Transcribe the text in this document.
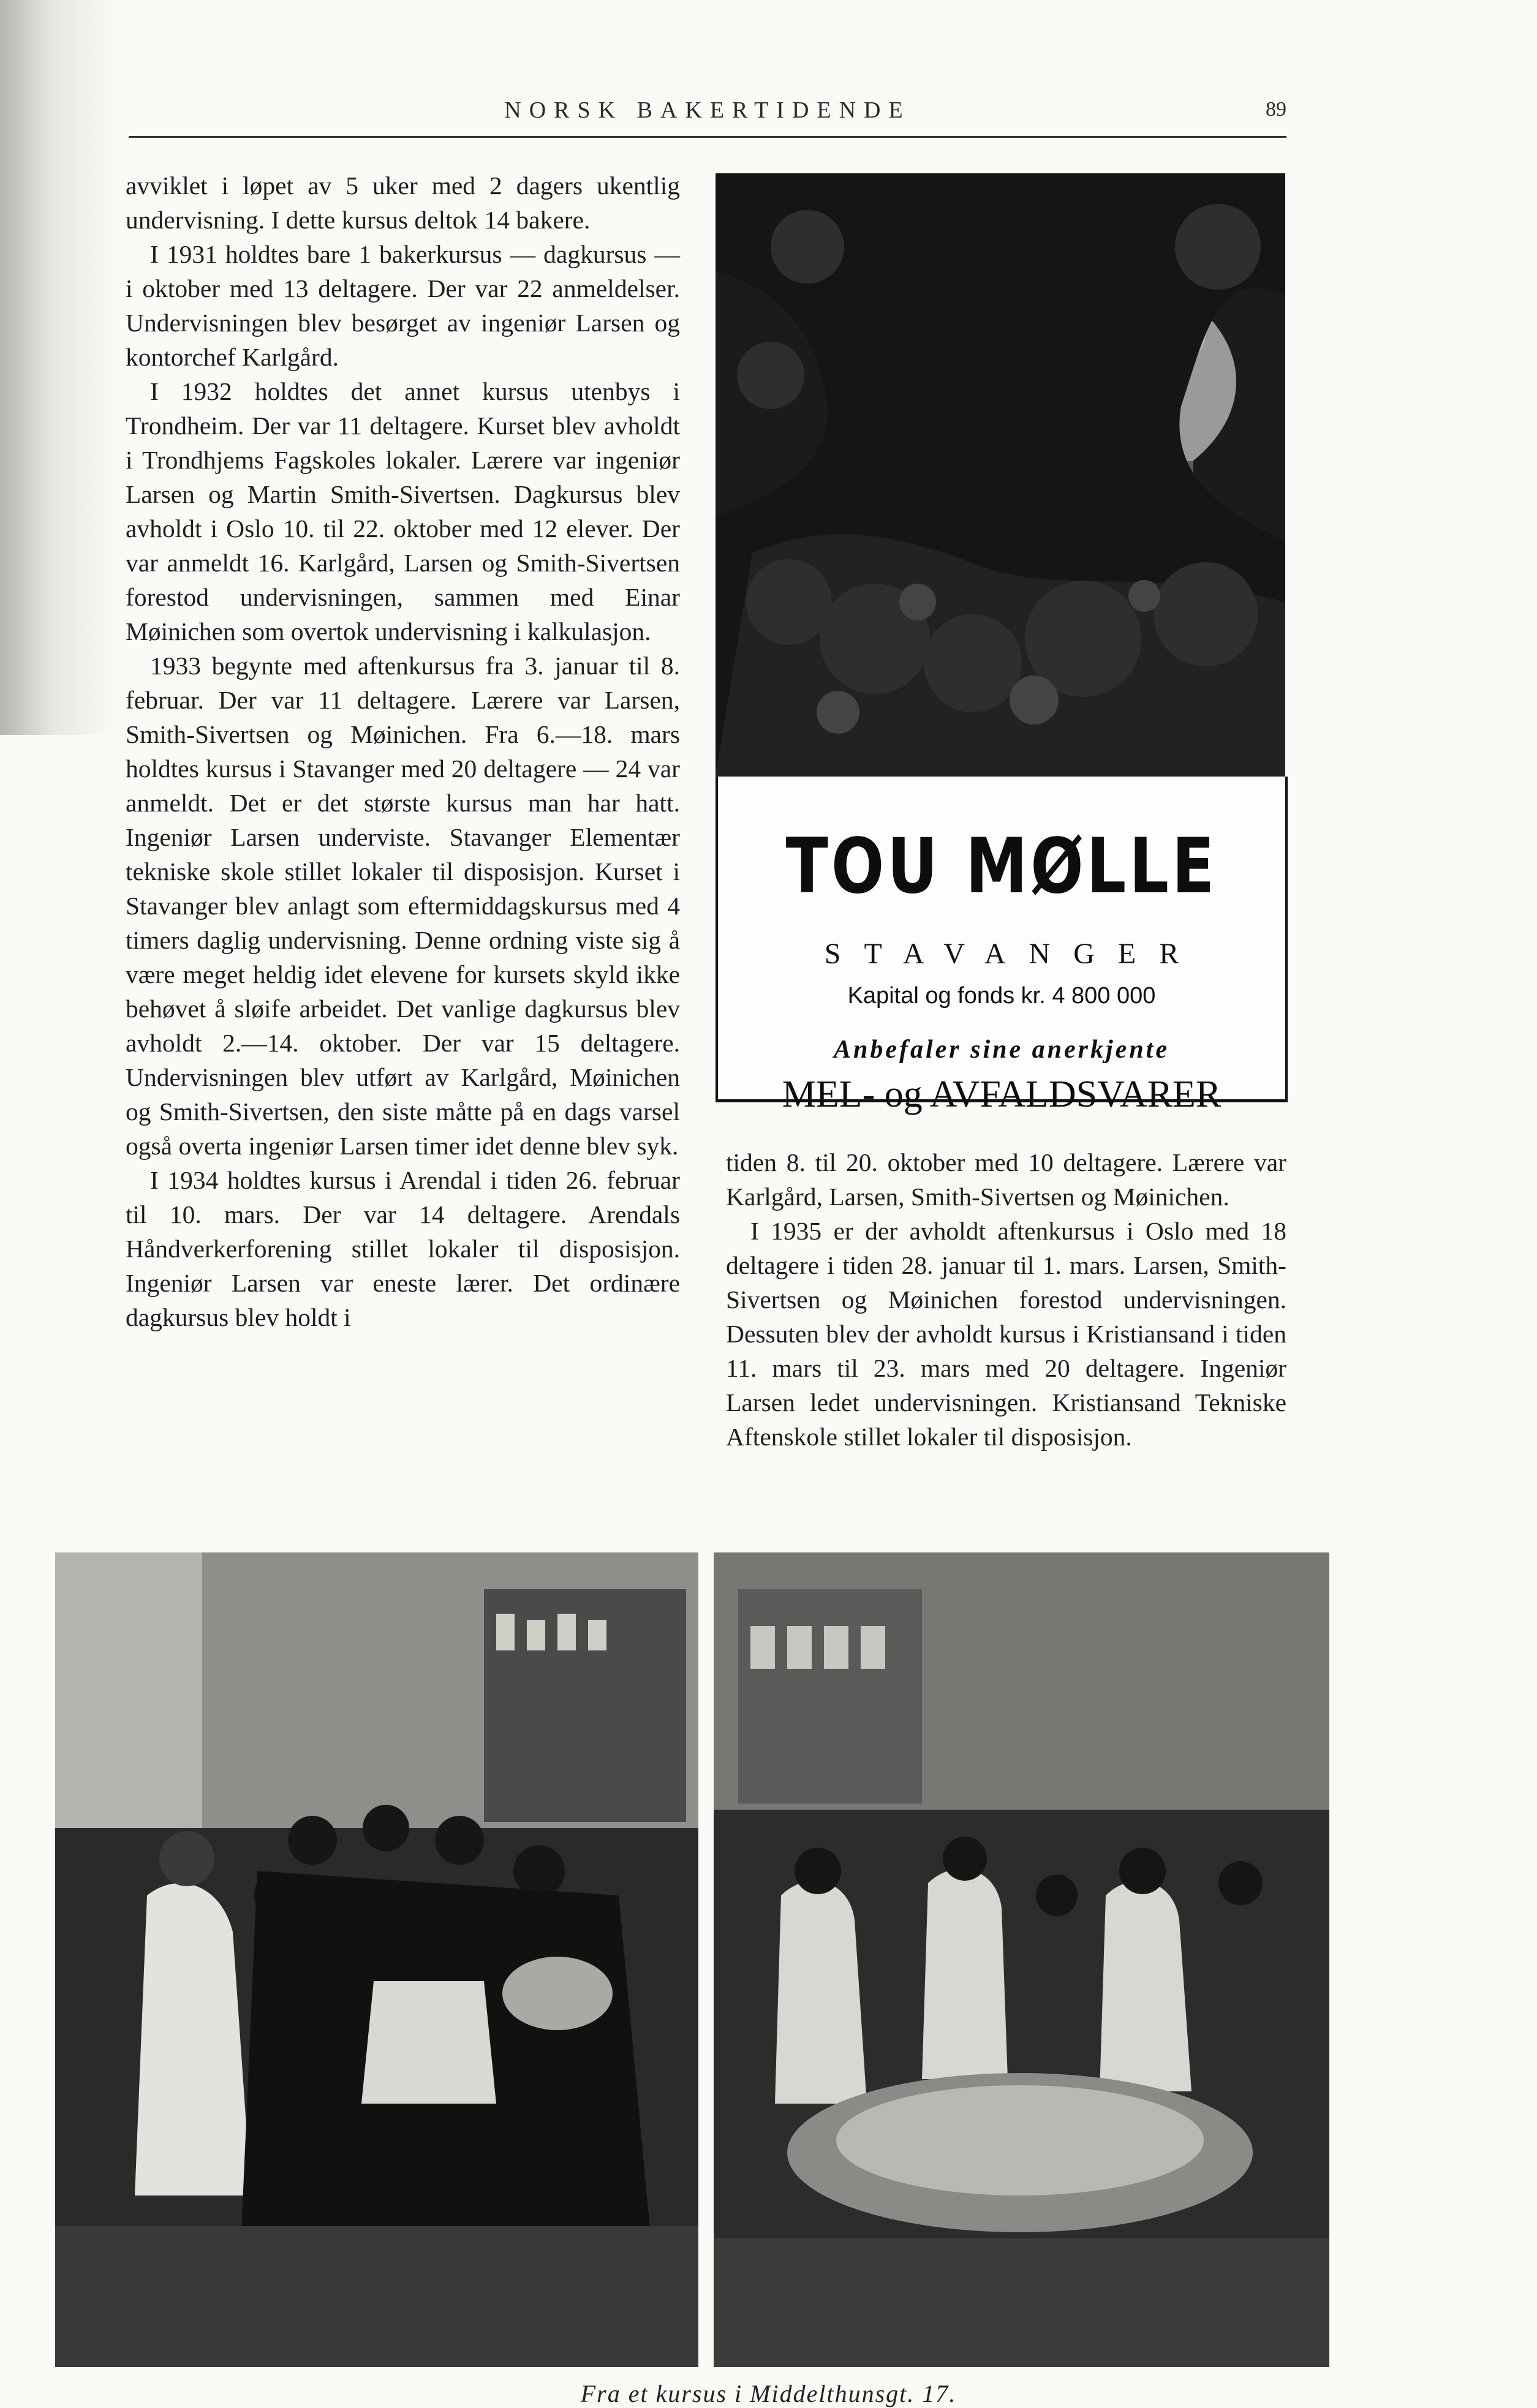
NORSK BAKERTIDENDE	89

avviklet i løpet av 5 uker med 2 dagers ukentlig undervisning. I dette kursus deltok 14 bakere.

I 1931 holdtes bare 1 bakerkursus — dagkursus — i oktober med 13 deltagere. Der var 22 anmeldelser. Undervisningen blev besørget av ingeniør Larsen og kontorchef Karlgård.

I 1932 holdtes det annet kursus utenbys i Trondheim. Der var 11 deltagere. Kurset blev avholdt i Trondhjems Fagskoles lokaler. Lærere var ingeniør Larsen og Martin Smith-Sivertsen. Dagkursus blev avholdt i Oslo 10. til 22. oktober med 12 elever. Der var anmeldt 16. Karlgård, Larsen og Smith-Sivertsen forestod undervisningen, sammen med Einar Møinichen som overtok undervisning i kalkulasjon.

1933 begynte med aftenkursus fra 3. januar til 8. februar. Der var 11 deltagere. Lærere var Larsen, Smith-Sivertsen og Møinichen. Fra 6.—18. mars holdtes kursus i Stavanger med 20 deltagere — 24 var anmeldt. Det er det største kursus man har hatt. Ingeniør Larsen underviste. Stavanger Elementær tekniske skole stillet lokaler til disposisjon. Kurset i Stavanger blev anlagt som eftermiddagskursus med 4 timers daglig undervisning. Denne ordning viste sig å være meget heldig idet elevene for kursets skyld ikke behøvet å sløife arbeidet. Det vanlige dagkursus blev avholdt 2.—14. oktober. Der var 15 deltagere. Undervisningen blev utført av Karlgård, Møinichen og Smith-Sivertsen, den siste måtte på en dags varsel også overta ingeniør Larsen timer idet denne blev syk.

I 1934 holdtes kursus i Arendal i tiden 26. februar til 10. mars. Der var 14 deltagere. Arendals Håndverkerforening stillet lokaler til disposisjon. Ingeniør Larsen var eneste lærer. Det ordinære dagkursus blev holdt i

TOU MØLLE
STAVANGER
Kapital og fonds kr. 4 800 000
Anbefaler sine anerkjente
MEL- og AVFALDSVARER

tiden 8. til 20. oktober med 10 deltagere. Lærere var Karlgård, Larsen, Smith-Sivertsen og Møinichen.

I 1935 er der avholdt aftenkursus i Oslo med 18 deltagere i tiden 28. januar til 1. mars. Larsen, Smith-Sivertsen og Møinichen forestod undervisningen. Dessuten blev der avholdt kursus i Kristiansand i tiden 11. mars til 23. mars med 20 deltagere. Ingeniør Larsen ledet undervisningen. Kristiansand Tekniske Aftenskole stillet lokaler til disposisjon.

Fra et kursus i Middelthunsgt. 17.
